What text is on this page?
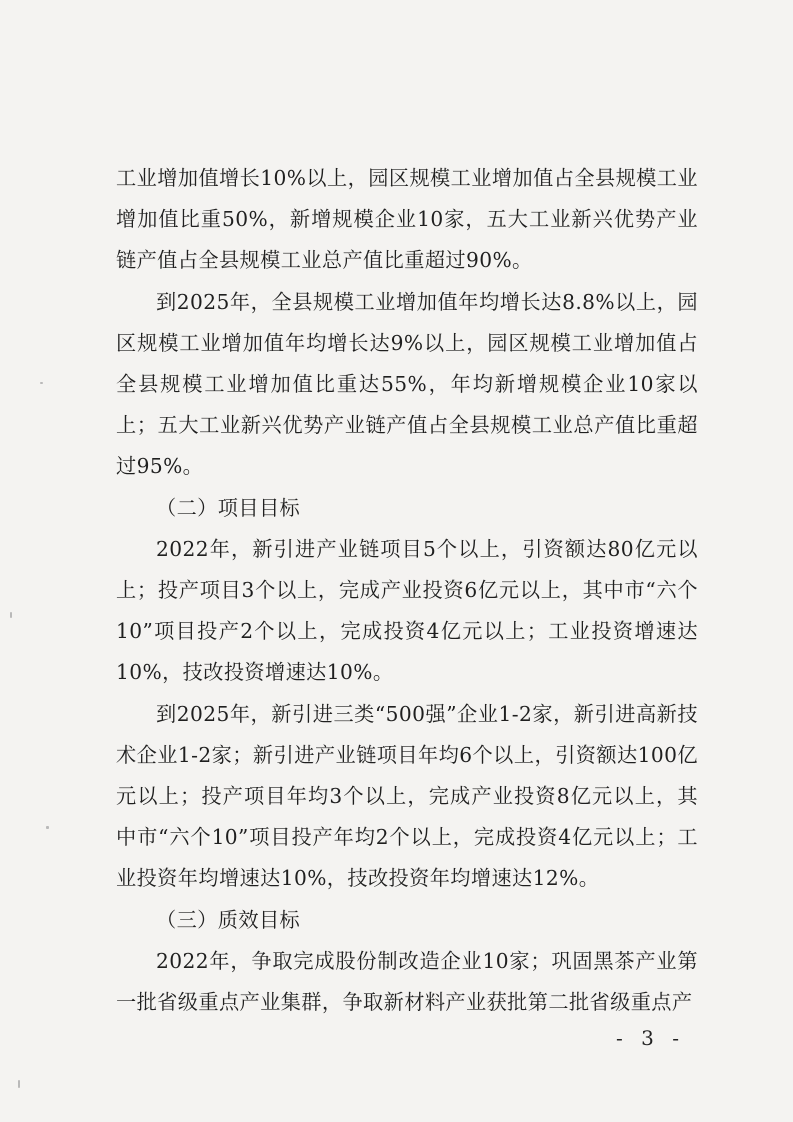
工业增加值增长10%以上，园区规模工业增加值占全县规模工业增加值比重50%，新增规模企业10家，五大工业新兴优势产业链产值占全县规模工业总产值比重超过90%。

到2025年，全县规模工业增加值年均增长达8.8%以上，园区规模工业增加值年均增长达9%以上，园区规模工业增加值占全县规模工业增加值比重达55%，年均新增规模企业10家以上；五大工业新兴优势产业链产值占全县规模工业总产值比重超过95%。

（二）项目目标

2022年，新引进产业链项目5个以上，引资额达80亿元以上；投产项目3个以上，完成产业投资6亿元以上，其中市“六个10”项目投产2个以上，完成投资4亿元以上；工业投资增速达10%，技改投资增速达10%。

到2025年，新引进三类“500强”企业1-2家，新引进高新技术企业1-2家；新引进产业链项目年均6个以上，引资额达100亿元以上；投产项目年均3个以上，完成产业投资8亿元以上，其中市“六个10”项目投产年均2个以上，完成投资4亿元以上；工业投资年均增速达10%，技改投资年均增速达12%。

（三）质效目标

2022年，争取完成股份制改造企业10家；巩固黑茶产业第一批省级重点产业集群，争取新材料产业获批第二批省级重点产

- 3 -
